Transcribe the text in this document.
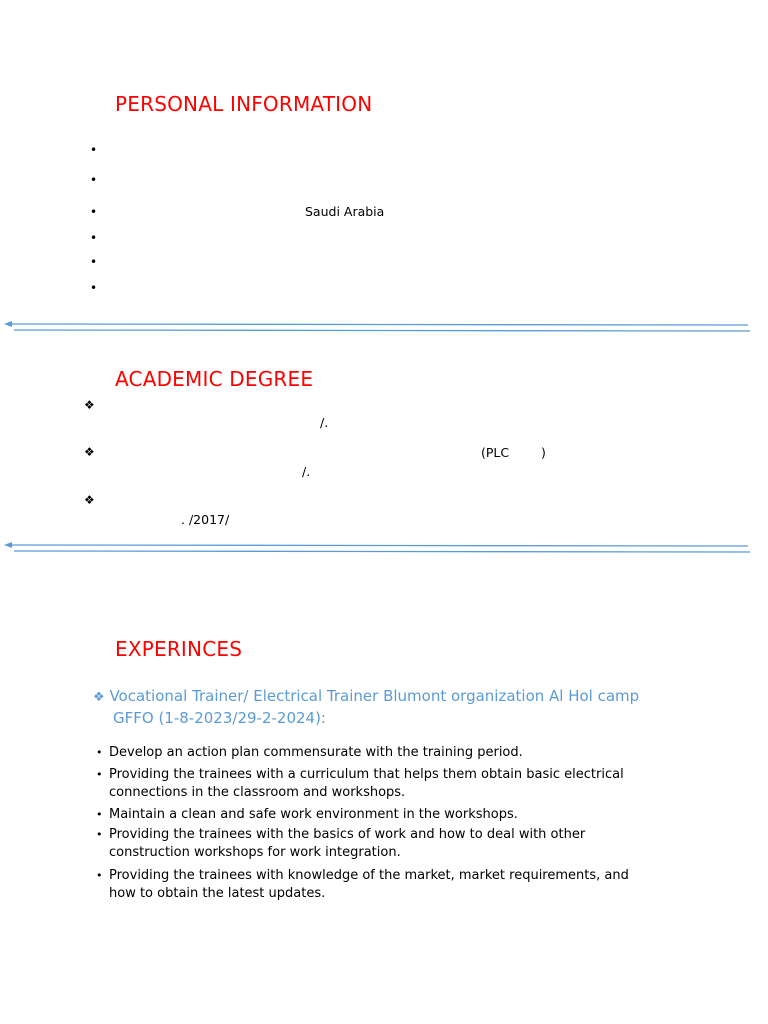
PERSONAL INFORMATION
•
•
•	Saudi Arabia
•
•
•
ACADEMIC DEGREE
❖
/.
❖	(PLC	)
/.
❖
. /2017/
EXPERINCES
❖ Vocational Trainer/ Electrical Trainer Blumont organization Al Hol camp
GFFO (1-8-2023/29-2-2024):
• Develop an action plan commensurate with the training period.
• Providing the trainees with a curriculum that helps them obtain basic electrical connections in the classroom and workshops.
• Maintain a clean and safe work environment in the workshops.
• Providing the trainees with the basics of work and how to deal with other construction workshops for work integration.
• Providing the trainees with knowledge of the market, market requirements, and how to obtain the latest updates.
